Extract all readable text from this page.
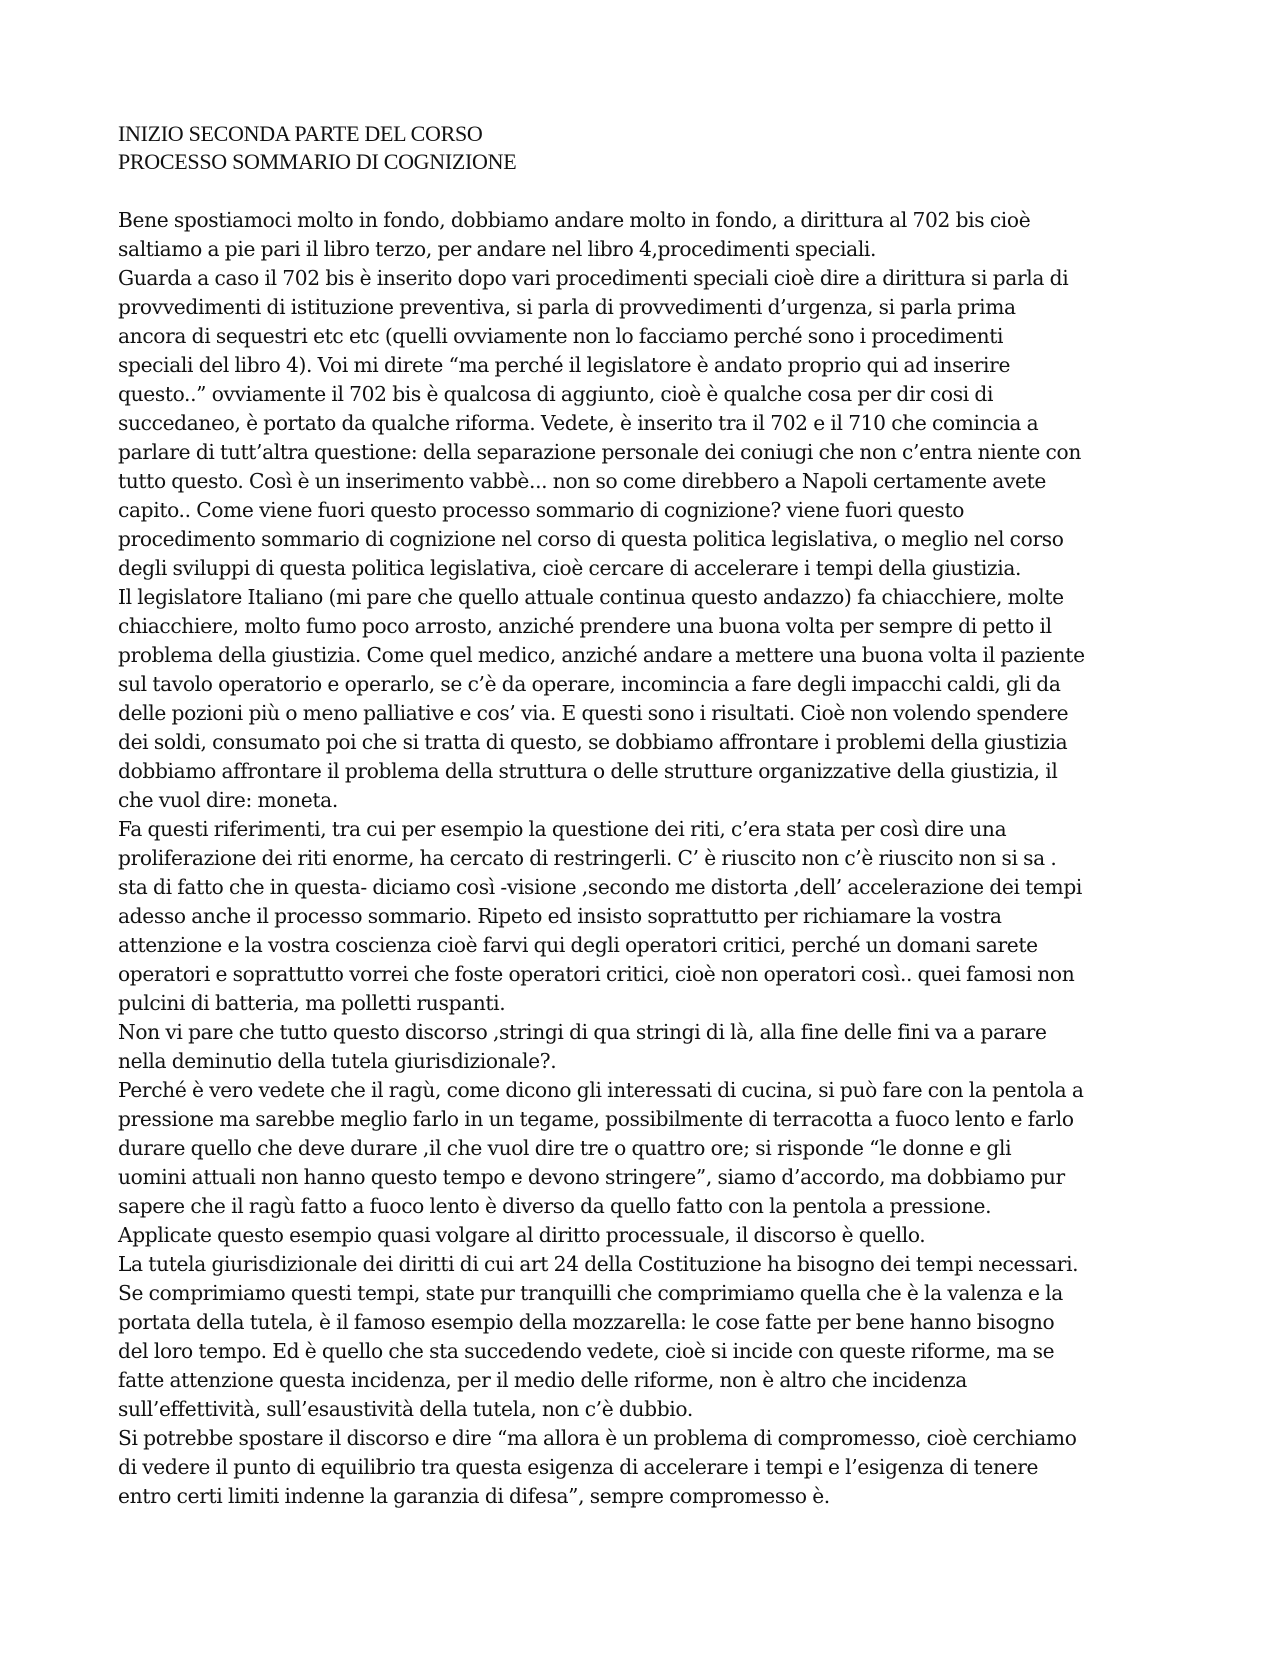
INIZIO SECONDA PARTE DEL CORSO
PROCESSO SOMMARIO DI COGNIZIONE
Bene spostiamoci molto in fondo, dobbiamo andare molto in fondo, a dirittura al 702 bis cioè
saltiamo a pie pari il libro terzo, per andare nel libro 4,procedimenti speciali.
Guarda a caso il 702 bis è inserito dopo vari procedimenti speciali cioè dire a dirittura si parla di
provvedimenti di istituzione preventiva, si parla di provvedimenti d’urgenza, si parla prima
ancora di sequestri etc etc (quelli ovviamente non lo facciamo perché sono i procedimenti
speciali del libro 4). Voi mi direte “ma perché il legislatore è andato proprio qui ad inserire
questo..” ovviamente il 702 bis è qualcosa di aggiunto, cioè è qualche cosa per dir cosi di
succedaneo, è portato da qualche riforma. Vedete, è inserito tra il 702 e il 710 che comincia a
parlare di tutt’altra questione: della separazione personale dei coniugi che non c’entra niente con
tutto questo. Così è un inserimento vabbè... non so come direbbero a Napoli certamente avete
capito.. Come viene fuori questo processo sommario di cognizione? viene fuori questo
procedimento sommario di cognizione nel corso di questa politica legislativa, o meglio nel corso
degli sviluppi di questa politica legislativa, cioè cercare di accelerare i tempi della giustizia.
Il legislatore Italiano (mi pare che quello attuale continua questo andazzo) fa chiacchiere, molte
chiacchiere, molto fumo poco arrosto, anziché prendere una buona volta per sempre di petto il
problema della giustizia. Come quel medico, anziché andare a mettere una buona volta il paziente
sul tavolo operatorio e operarlo, se c’è da operare, incomincia a fare degli impacchi caldi, gli da
delle pozioni più o meno palliative e cos’ via. E questi sono i risultati. Cioè non volendo spendere
dei soldi, consumato poi che si tratta di questo, se dobbiamo affrontare i problemi della giustizia
dobbiamo affrontare il problema della struttura o delle strutture organizzative della giustizia, il
che vuol dire: moneta.
Fa questi riferimenti, tra cui per esempio la questione dei riti, c’era stata per così dire una
proliferazione dei riti enorme, ha cercato di restringerli. C’ è riuscito non c’è riuscito non si sa .
sta di fatto che in questa- diciamo così -visione ,secondo me distorta ,dell’ accelerazione dei tempi
adesso anche il processo sommario. Ripeto ed insisto soprattutto per richiamare la vostra
attenzione e la vostra coscienza cioè farvi qui degli operatori critici, perché un domani sarete
operatori e soprattutto vorrei che foste operatori critici, cioè non operatori così.. quei famosi non
pulcini di batteria, ma polletti ruspanti.
Non vi pare che tutto questo discorso ,stringi di qua stringi di là, alla fine delle fini va a parare
nella deminutio della tutela giurisdizionale?.
Perché è vero vedete che il ragù, come dicono gli interessati di cucina, si può fare con la pentola a
pressione ma sarebbe meglio farlo in un tegame, possibilmente di terracotta a fuoco lento e farlo
durare quello che deve durare ,il che vuol dire tre o quattro ore; si risponde “le donne e gli
uomini attuali non hanno questo tempo e devono stringere”, siamo d’accordo, ma dobbiamo pur
sapere che il ragù fatto a fuoco lento è diverso da quello fatto con la pentola a pressione.
Applicate questo esempio quasi volgare al diritto processuale, il discorso è quello.
La tutela giurisdizionale dei diritti di cui art 24 della Costituzione ha bisogno dei tempi necessari.
Se comprimiamo questi tempi, state pur tranquilli che comprimiamo quella che è la valenza e la
portata della tutela, è il famoso esempio della mozzarella: le cose fatte per bene hanno bisogno
del loro tempo. Ed è quello che sta succedendo vedete, cioè si incide con queste riforme, ma se
fatte attenzione questa incidenza, per il medio delle riforme, non è altro che incidenza
sull’effettività, sull’esaustività della tutela, non c’è dubbio.
Si potrebbe spostare il discorso e dire “ma allora è un problema di compromesso, cioè cerchiamo
di vedere il punto di equilibrio tra questa esigenza di accelerare i tempi e l’esigenza di tenere
entro certi limiti indenne la garanzia di difesa”, sempre compromesso è.
